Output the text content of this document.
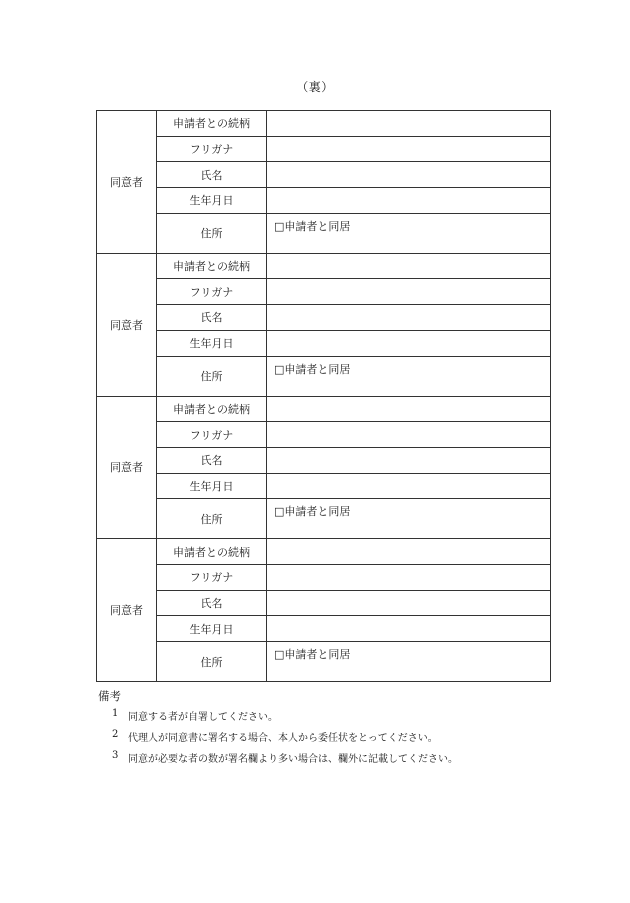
（裏）
同意者	申請者との続柄	
	フリガナ	
	氏名	
	生年月日	
	住所	□申請者と同居
同意者	申請者との続柄	
	フリガナ	
	氏名	
	生年月日	
	住所	□申請者と同居
同意者	申請者との続柄	
	フリガナ	
	氏名	
	生年月日	
	住所	□申請者と同居
同意者	申請者との続柄	
	フリガナ	
	氏名	
	生年月日	
	住所	□申請者と同居
備考
1 同意する者が自署してください。
2 代理人が同意書に署名する場合、本人から委任状をとってください。
3 同意が必要な者の数が署名欄より多い場合は、欄外に記載してください。
